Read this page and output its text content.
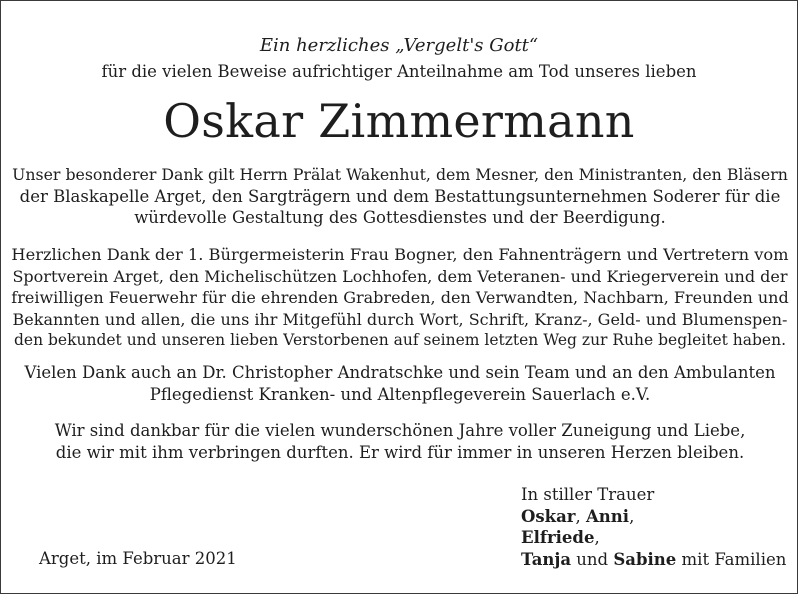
Ein herzliches „Vergelt's Gott“
für die vielen Beweise aufrichtiger Anteilnahme am Tod unseres lieben
Oskar Zimmermann
Unser besonderer Dank gilt Herrn Prälat Wakenhut, dem Mesner, den Ministranten, den Bläsern
der Blaskapelle Arget, den Sargträgern und dem Bestattungsunternehmen Soderer für die
würdevolle Gestaltung des Gottesdienstes und der Beerdigung.
Herzlichen Dank der 1. Bürgermeisterin Frau Bogner, den Fahnenträgern und Vertretern vom
Sportverein Arget, den Michelischützen Lochhofen, dem Veteranen- und Kriegerverein und der
freiwilligen Feuerwehr für die ehrenden Grabreden, den Verwandten, Nachbarn, Freunden und
Bekannten und allen, die uns ihr Mitgefühl durch Wort, Schrift, Kranz-, Geld- und Blumenspen-
den bekundet und unseren lieben Verstorbenen auf seinem letzten Weg zur Ruhe begleitet haben.
Vielen Dank auch an Dr. Christopher Andratschke und sein Team und an den Ambulanten
Pflegedienst Kranken- und Altenpflegeverein Sauerlach e.V.
Wir sind dankbar für die vielen wunderschönen Jahre voller Zuneigung und Liebe,
die wir mit ihm verbringen durften. Er wird für immer in unseren Herzen bleiben.
Arget, im Februar 2021
In stiller Trauer
Oskar, Anni,
Elfriede,
Tanja und Sabine mit Familien
